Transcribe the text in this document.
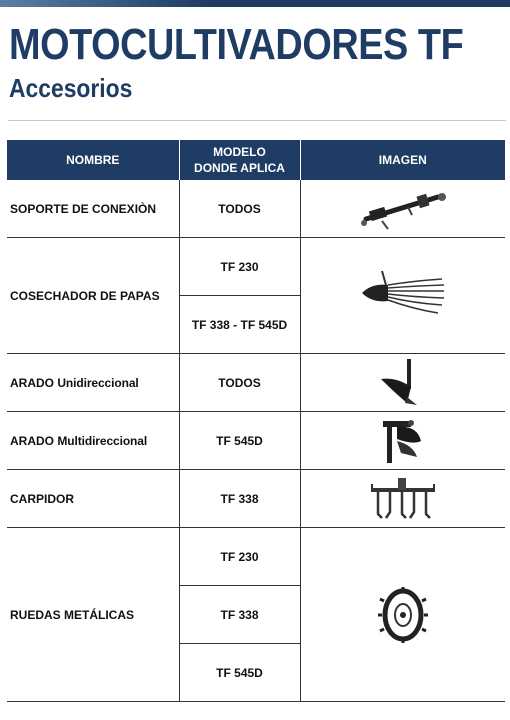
MOTOCULTIVADORES TF
Accesorios
NOMBRE	MODELO DONDE APLICA	IMAGEN
SOPORTE DE CONEXIÒN	TODOS	

COSECHADOR DE PAPAS	TF 230	

	TF 338 - TF 545D	
ARADO Unidireccional	TODOS	

ARADO Multidireccional	TF 545D	

CARPIDOR	TF 338	

RUEDAS METÁLICAS	TF 230	

	TF 338	
	TF 545D	
